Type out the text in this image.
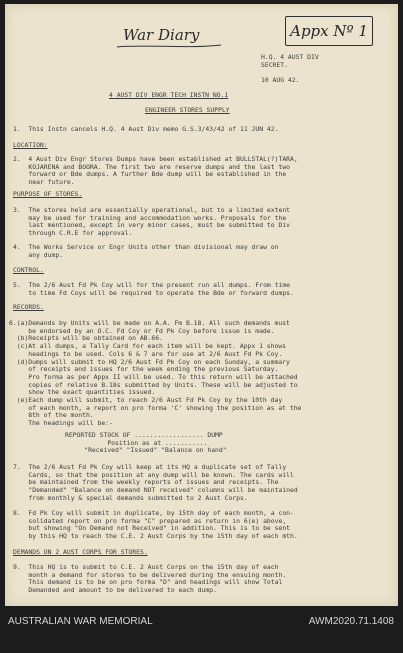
War Diary	Appx Nº 1
H.Q. 4 AUST DIV
SECRET.
10 AUG 42.
4 AUST DIV ENGR TECH INSTN NO.1
ENGINEER STORES SUPPLY
1.  This Instn cancels H.Q. 4 Aust Div memo G.S.3/43/42 of 11 JUN 42.
LOCATION:
2.  4 Aust Div Engr Stores Dumps have been established at BULLSTAL(?)TARA,
KOJARENA and BOORA. The first two are reserve dumps and the last two
forward or Bde dumps. A further Bde dump will be established in the
near future.
PURPOSE OF STORES.
3.  The stores held are essentially operational, but to a limited extent
may be used for training and accommodation works. Proposals for the
last mentioned, except in very minor cases, must be submitted to Div
through C.R.E for approval.
4.  The Works Service or Engr Units other than divisional may draw on
any dump.
CONTROL.
5.  The 2/6 Aust Fd Pk Coy will for the present run all dumps. From time
to time Fd Coys will be required to operate the Bde or forward dumps.
RECORDS.
6.(a)Demands by Units will be made on A.A. Fm B.18. All such demands must
be endorsed by an O.C. Fd Coy or Fd Pk Coy before issue is made.
(b)Receipts will be obtained on AB.66.
(c)At all dumps, a Tally Card for each item will be kept. Appx 1 shows
headings to be used. Cols 6 & 7 are for use at 2/6 Aust Fd Pk Coy.
(d)Dumps will submit to HQ 2/6 Aust Fd Pk Coy on each Sunday, a summary
of receipts and issues for the week ending the previous Saturday.
Pro forma as per Appx II will be used. To this return will be attached
copies of relative B.18s submitted by Units. These will be adjusted to
show the exact quantities issued.
(e)Each dump will submit, to reach 2/6 Aust Fd Pk Coy by the 10th day
of each month, a report on pro forma 'C' showing the position as at the
8th of the month.
The headings will be:-
REPORTED STOCK OF .................. DUMP
Position as at ...........
"Received" "Issued" "Balance on hand"
7.  The 2/6 Aust Fd Pk Coy will keep at its HQ a duplicate set of Tally
Cards, so that the position at any dump will be known. The cards will
be maintained from the weekly reports of issues and receipts. The
"Demanded" "Balance on demand NOT received" columns will be maintained
from monthly & special demands submitted to 2 Aust Corps.
8.  Fd Pk Coy will submit in duplicate, by 15th day of each month, a con-
solidated report on pro forma "C" prepared as return in 6(e) above,
but showing "On Demand not Received" in addition. This is to be sent
by this HQ to reach the C.E. 2 Aust Corps by the 15th day of each mth.
DEMANDS ON 2 AUST CORPS FOR STORES.
9.  This HQ is to submit to C.E. 2 Aust Corps on the 15th day of each
month a demand for stores to be delivered during the ensuing month.
This demand is to be on pro forma "D" and headings will show Total
Demanded and amount to be delivered to each dump.
AUSTRALIAN WAR MEMORIAL	AWM2020.71.1408
